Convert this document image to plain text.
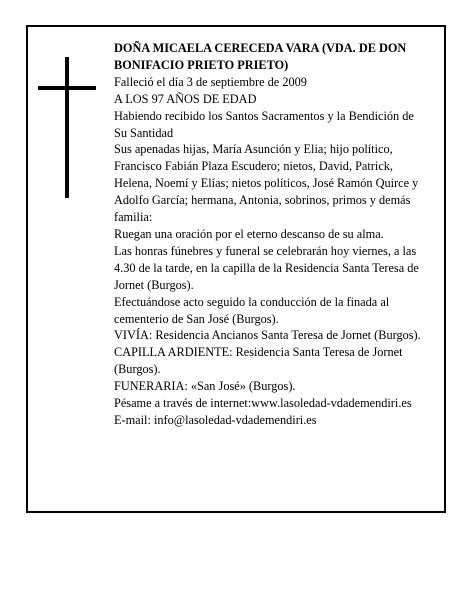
DOÑA MICAELA CERECEDA VARA (VDA. DE DON BONIFACIO PRIETO PRIETO)

Falleció el día 3 de septiembre de 2009

A LOS 97 AÑOS DE EDAD

Habiendo recibido los Santos Sacramentos y la Bendición de Su Santidad

Sus apenadas hijas, María Asunción y Elia; hijo político, Francisco Fabián Plaza Escudero; nietos, David, Patrick, Helena, Noemí y Elías; nietos políticos, José Ramón Quirce y Adolfo García; hermana, Antonia, sobrinos, primos y demás familia:

Ruegan una oración por el eterno descanso de su alma.

Las honras fúnebres y funeral se celebrarán hoy viernes, a las 4.30 de la tarde, en la capilla de la Residencia Santa Teresa de Jornet (Burgos).

Efectuándose acto seguido la conducción de la finada al cementerio de San José (Burgos).

VIVÍA: Residencia Ancianos Santa Teresa de Jornet (Burgos).

CAPILLA ARDIENTE: Residencia Santa Teresa de Jornet (Burgos).

FUNERARIA: «San José» (Burgos).

Pésame a través de internet:www.lasoledad-vdademendiri.es

E-mail: info@lasoledad-vdademendiri.es
